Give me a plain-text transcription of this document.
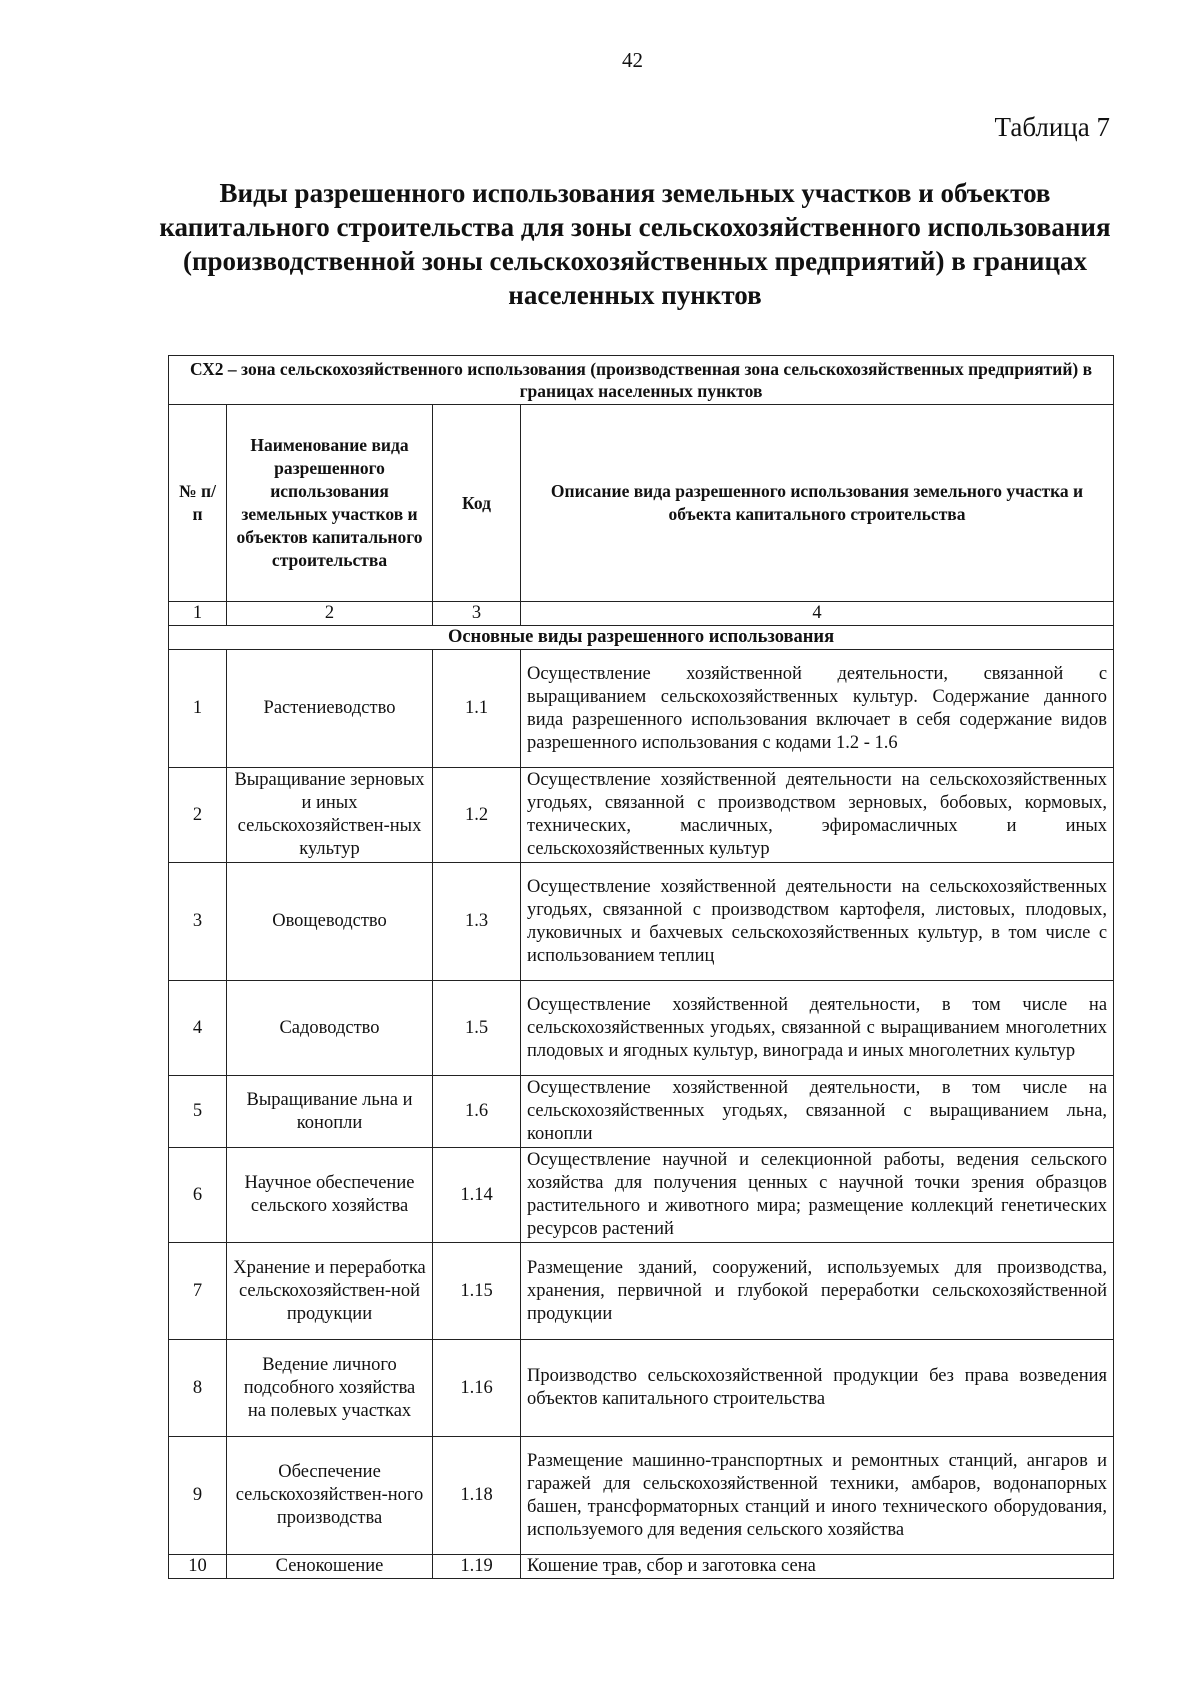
42
Таблица 7
Виды разрешенного использования земельных участков и объектов капитального строительства для зоны сельскохозяйственного использования (производственной зоны сельскохозяйственных предприятий) в границах населенных пунктов
СХ2 – зона сельскохозяйственного использования (производственная зона сельскохозяйственных предприятий) в границах населенных пунктов			
№ п/п	Наименование вида разрешенного использования земельных участков и объектов капитального строительства	Код	Описание вида разрешенного использования земельного участка и объекта капитального строительства
1	2	3	4
Основные виды разрешенного использования			
1	Растениеводство	1.1	Осуществление хозяйственной деятельности, связанной с выращиванием сельскохозяйственных культур. Содержание данного вида разрешенного использования включает в себя содержание видов разрешенного использования с кодами 1.2 - 1.6
2	Выращивание зерновых и иных сельскохозяйствен-ных культур	1.2	Осуществление хозяйственной деятельности на сельскохозяйственных угодьях, связанной с производством зерновых, бобовых, кормовых, технических, масличных, эфиромасличных и иных сельскохозяйственных культур
3	Овощеводство	1.3	Осуществление хозяйственной деятельности на сельскохозяйственных угодьях, связанной с производством картофеля, листовых, плодовых, луковичных и бахчевых сельскохозяйственных культур, в том числе с использованием теплиц
4	Садоводство	1.5	Осуществление хозяйственной деятельности, в том числе на сельскохозяйственных угодьях, связанной с выращиванием многолетних плодовых и ягодных культур, винограда и иных многолетних культур
5	Выращивание льна и конопли	1.6	Осуществление хозяйственной деятельности, в том числе на сельскохозяйственных угодьях, связанной с выращиванием льна, конопли
6	Научное обеспечение сельского хозяйства	1.14	Осуществление научной и селекционной работы, ведения сельского хозяйства для получения ценных с научной точки зрения образцов растительного и животного мира; размещение коллекций генетических ресурсов растений
7	Хранение и переработка сельскохозяйствен-ной продукции	1.15	Размещение зданий, сооружений, используемых для производства, хранения, первичной и глубокой переработки сельскохозяйственной продукции
8	Ведение личного подсобного хозяйства на полевых участках	1.16	Производство сельскохозяйственной продукции без права возведения объектов капитального строительства
9	Обеспечение сельскохозяйствен-ного производства	1.18	Размещение машинно-транспортных и ремонтных станций, ангаров и гаражей для сельскохозяйственной техники, амбаров, водонапорных башен, трансформаторных станций и иного технического оборудования, используемого для ведения сельского хозяйства
10	Сенокошение	1.19	Кошение трав, сбор и заготовка сена
